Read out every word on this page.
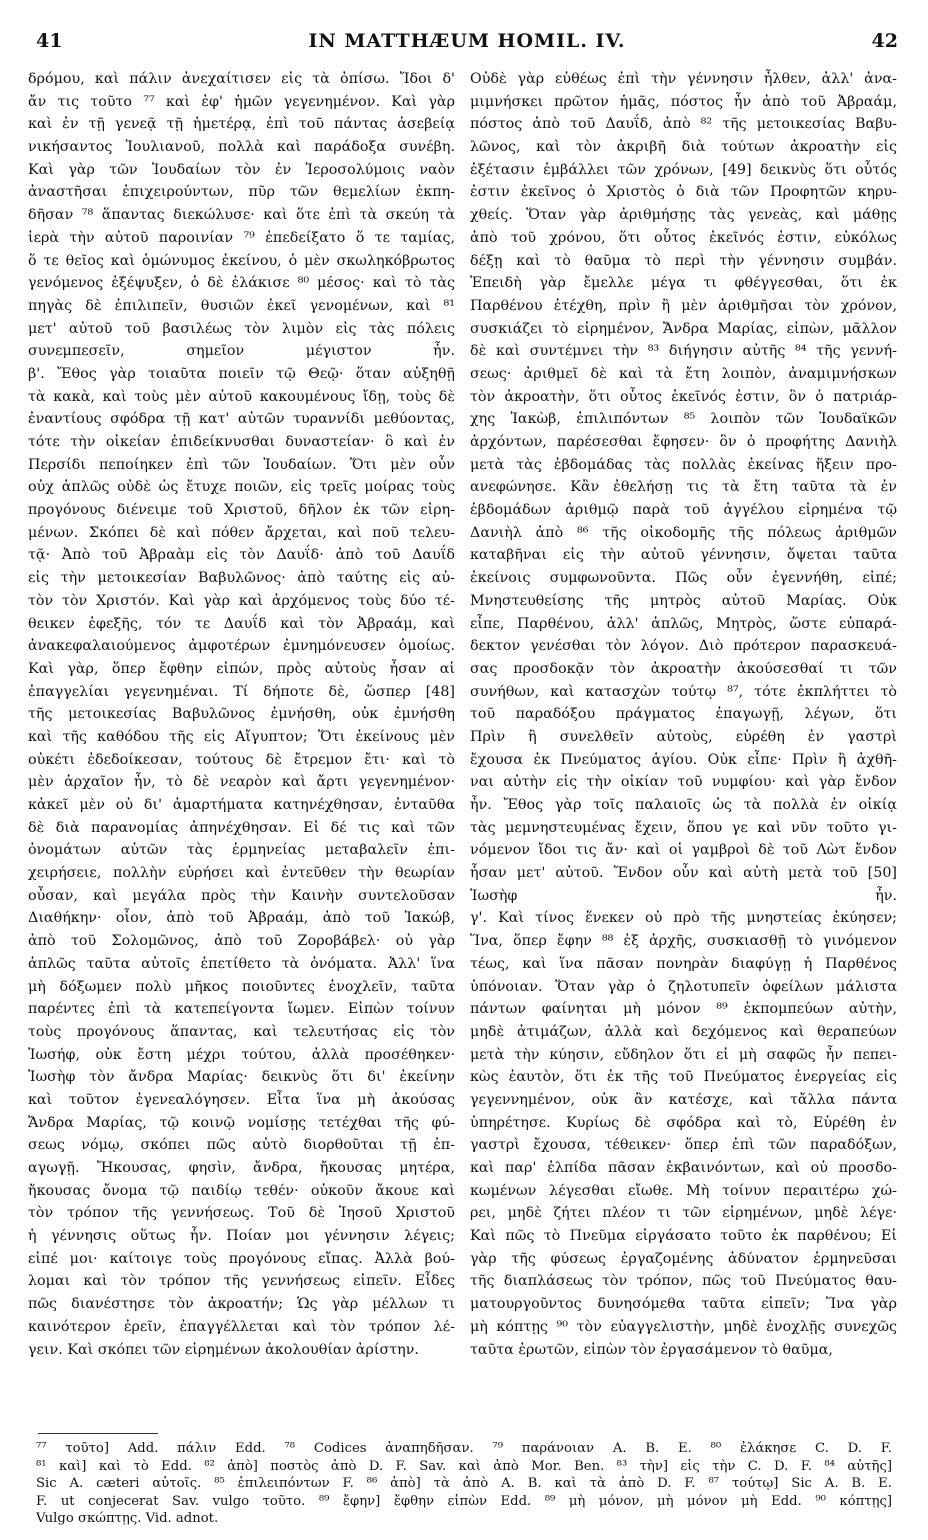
41	IN MATTHÆUM HOMIL. IV.	42
δρόμου, καὶ πάλιν ἀνεχαίτισεν εἰς τὰ ὀπίσω. Ἴδοι δ'
ἄν τις τοῦτο ⁷⁷ καὶ ἐφ' ἡμῶν γεγενημένον. Καὶ γὰρ
καὶ ἐν τῇ γενεᾷ τῇ ἡμετέρᾳ, ἐπὶ τοῦ πάντας ἀσεβείᾳ
νικήσαντος Ἰουλιανοῦ, πολλὰ καὶ παράδοξα συνέβη.
Καὶ γὰρ τῶν Ἰουδαίων τὸν ἐν Ἱεροσολύμοις ναὸν
ἀναστῆσαι ἐπιχειρούντων, πῦρ τῶν θεμελίων ἐκπη-
δῆσαν ⁷⁸ ἅπαντας διεκώλυσε· καὶ ὅτε ἐπὶ τὰ σκεύη τὰ
ἱερὰ τὴν αὐτοῦ παροινίαν ⁷⁹ ἐπεδείξατο ὅ τε ταμίας,
ὅ τε θεῖος καὶ ὁμώνυμος ἐκείνου, ὁ μὲν σκωληκόβρωτος
γενόμενος ἐξέψυξεν, ὁ δὲ ἐλάκισε ⁸⁰ μέσος· καὶ τὸ τὰς
πηγὰς δὲ ἐπιλιπεῖν, θυσιῶν ἐκεῖ γενομένων, καὶ ⁸¹
μετ' αὐτοῦ τοῦ βασιλέως τὸν λιμὸν εἰς τὰς πόλεις
συνεμπεσεῖν, σημεῖον μέγιστον ἦν.
β'. Ἔθος γὰρ τοιαῦτα ποιεῖν τῷ Θεῷ· ὅταν αὐξηθῇ
τὰ κακὰ, καὶ τοὺς μὲν αὐτοῦ κακουμένους ἴδῃ, τοὺς δὲ
ἐναντίους σφόδρα τῇ κατ' αὐτῶν τυραννίδι μεθύοντας,
τότε τὴν οἰκείαν ἐπιδείκνυσθαι δυναστείαν· ὃ καὶ ἐν
Περσίδι πεποίηκεν ἐπὶ τῶν Ἰουδαίων. Ὅτι μὲν οὖν
οὐχ ἁπλῶς οὐδὲ ὡς ἔτυχε ποιῶν, εἰς τρεῖς μοίρας τοὺς
προγόνους διένειμε τοῦ Χριστοῦ, δῆλον ἐκ τῶν εἰρη-
μένων. Σκόπει δὲ καὶ πόθεν ἄρχεται, καὶ ποῦ τελευ-
τᾷ· Ἀπὸ τοῦ Ἀβραὰμ εἰς τὸν Δαυΐδ· ἀπὸ τοῦ Δαυΐδ
εἰς τὴν μετοικεσίαν Βαβυλῶνος· ἀπὸ ταύτης εἰς αὐ-
τὸν τὸν Χριστόν. Καὶ γὰρ καὶ ἀρχόμενος τοὺς δύο τέ-
θεικεν ἐφεξῆς, τόν τε Δαυΐδ καὶ τὸν Ἀβραάμ, καὶ
ἀνακεφαλαιούμενος ἀμφοτέρων ἐμνημόνευσεν ὁμοίως.
Καὶ γὰρ, ὅπερ ἔφθην εἰπών, πρὸς αὐτοὺς ἦσαν αἱ
ἐπαγγελίαι γεγενημέναι. Τί δήποτε δὲ, ὥσπερ [48]
τῆς μετοικεσίας Βαβυλῶνος ἐμνήσθη, οὐκ ἐμνήσθη
καὶ τῆς καθόδου τῆς εἰς Αἴγυπτον; Ὅτι ἐκείνους μὲν
οὐκέτι ἐδεδοίκεσαν, τούτους δὲ ἔτρεμον ἔτι· καὶ τὸ
μὲν ἀρχαῖον ἦν, τὸ δὲ νεαρὸν καὶ ἄρτι γεγενημένον·
κἀκεῖ μὲν οὐ δι' ἁμαρτήματα κατηνέχθησαν, ἐνταῦθα
δὲ διὰ παρανομίας ἀπηνέχθησαν. Εἰ δέ τις καὶ τῶν
ὀνομάτων αὐτῶν τὰς ἑρμηνείας μεταβαλεῖν ἐπι-
χειρήσειε, πολλὴν εὑρήσει καὶ ἐντεῦθεν τὴν θεωρίαν
οὖσαν, καὶ μεγάλα πρὸς τὴν Καινὴν συντελοῦσαν
Διαθήκην· οἷον, ἀπὸ τοῦ Ἀβραάμ, ἀπὸ τοῦ Ἰακώβ,
ἀπὸ τοῦ Σολομῶνος, ἀπὸ τοῦ Ζοροβάβελ· οὐ γὰρ
ἁπλῶς ταῦτα αὐτοῖς ἐπετίθετο τὰ ὀνόματα. Ἀλλ' ἵνα
μὴ δόξωμεν πολὺ μῆκος ποιοῦντες ἐνοχλεῖν, ταῦτα
παρέντες ἐπὶ τὰ κατεπείγοντα ἴωμεν. Εἰπὼν τοίνυν
τοὺς προγόνους ἅπαντας, καὶ τελευτήσας εἰς τὸν
Ἰωσήφ, οὐκ ἔστη μέχρι τούτου, ἀλλὰ προσέθηκεν·
Ἰωσὴφ τὸν ἄνδρα Μαρίας· δεικνὺς ὅτι δι' ἐκείνην
καὶ τοῦτον ἐγενεαλόγησεν. Εἶτα ἵνα μὴ ἀκούσας
Ἄνδρα Μαρίας, τῷ κοινῷ νομίσῃς τετέχθαι τῆς φύ-
σεως νόμῳ, σκόπει πῶς αὐτὸ διορθοῦται τῇ ἐπ-
αγωγῇ. Ἤκουσας, φησὶν, ἄνδρα, ἤκουσας μητέρα,
ἤκουσας ὄνομα τῷ παιδίῳ τεθέν· οὐκοῦν ἄκουε καὶ
τὸν τρόπον τῆς γεννήσεως. Τοῦ δὲ Ἰησοῦ Χριστοῦ
ἡ γέννησις οὕτως ἦν. Ποίαν μοι γέννησιν λέγεις;
εἰπέ μοι· καίτοιγε τοὺς προγόνους εἴπας. Ἀλλὰ βού-
λομαι καὶ τὸν τρόπον τῆς γεννήσεως εἰπεῖν. Εἶδες
πῶς διανέστησε τὸν ἀκροατήν; Ὡς γὰρ μέλλων τι
καινότερον ἐρεῖν, ἐπαγγέλλεται καὶ τὸν τρόπον λέ-
γειν. Καὶ σκόπει τῶν εἰρημένων ἀκολουθίαν ἀρίστην.
Οὐδὲ γὰρ εὐθέως ἐπὶ τὴν γέννησιν ἦλθεν, ἀλλ' ἀνα-
μιμνήσκει πρῶτον ἡμᾶς, πόστος ἦν ἀπὸ τοῦ Ἀβραάμ,
πόστος ἀπὸ τοῦ Δαυΐδ, ἀπὸ ⁸² τῆς μετοικεσίας Βαβυ-
λῶνος, καὶ τὸν ἀκριβῆ διὰ τούτων ἀκροατὴν εἰς
ἐξέτασιν ἐμβάλλει τῶν χρόνων, [49] δεικνὺς ὅτι οὗτός
ἐστιν ἐκεῖνος ὁ Χριστὸς ὁ διὰ τῶν Προφητῶν κηρυ-
χθείς. Ὅταν γὰρ ἀριθμήσῃς τὰς γενεὰς, καὶ μάθῃς
ἀπὸ τοῦ χρόνου, ὅτι οὗτος ἐκεῖνός ἐστιν, εὐκόλως
δέξῃ καὶ τὸ θαῦμα τὸ περὶ τὴν γέννησιν συμβάν.
Ἐπειδὴ γὰρ ἔμελλε μέγα τι φθέγγεσθαι, ὅτι ἐκ
Παρθένου ἐτέχθη, πρὶν ἢ μὲν ἀριθμῆσαι τὸν χρόνον,
συσκιάζει τὸ εἰρημένον, Ἄνδρα Μαρίας, εἰπὼν, μᾶλλον
δὲ καὶ συντέμνει τὴν ⁸³ διήγησιν αὐτῆς ⁸⁴ τῆς γεννή-
σεως· ἀριθμεῖ δὲ καὶ τὰ ἔτη λοιπὸν, ἀναμιμνήσκων
τὸν ἀκροατὴν, ὅτι οὗτος ἐκεῖνός ἐστιν, ὃν ὁ πατριάρ-
χης Ἰακὼβ, ἐπιλιπόντων ⁸⁵ λοιπὸν τῶν Ἰουδαϊκῶν
ἀρχόντων, παρέσεσθαι ἔφησεν· ὃν ὁ προφήτης Δανιὴλ
μετὰ τὰς ἑβδομάδας τὰς πολλὰς ἐκείνας ἥξειν προ-
ανεφώνησε. Κἂν ἐθελήσῃ τις τὰ ἔτη ταῦτα τὰ ἐν
ἑβδομάδων ἀριθμῷ παρὰ τοῦ ἀγγέλου εἰρημένα τῷ
Δανιὴλ ἀπὸ ⁸⁶ τῆς οἰκοδομῆς τῆς πόλεως ἀριθμῶν
καταβῆναι εἰς τὴν αὐτοῦ γέννησιν, ὄψεται ταῦτα
ἐκείνοις συμφωνοῦντα. Πῶς οὖν ἐγεννήθη, εἰπέ;
Μνηστευθείσης τῆς μητρὸς αὐτοῦ Μαρίας. Οὐκ
εἶπε, Παρθένου, ἀλλ' ἁπλῶς, Μητρὸς, ὥστε εὐπαρά-
δεκτον γενέσθαι τὸν λόγον. Διὸ πρότερον παρασκευά-
σας προσδοκᾷν τὸν ἀκροατὴν ἀκούσεσθαί τι τῶν
συνήθων, καὶ κατασχὼν τούτῳ ⁸⁷, τότε ἐκπλήττει τὸ
τοῦ παραδόξου πράγματος ἐπαγωγῇ, λέγων, ὅτι
Πρὶν ἢ συνελθεῖν αὐτοὺς, εὑρέθη ἐν γαστρὶ
ἔχουσα ἐκ Πνεύματος ἁγίου. Οὐκ εἶπε· Πρὶν ἢ ἀχθῆ-
ναι αὐτὴν εἰς τὴν οἰκίαν τοῦ νυμφίου· καὶ γὰρ ἔνδον
ἦν. Ἔθος γὰρ τοῖς παλαιοῖς ὡς τὰ πολλὰ ἐν οἰκίᾳ
τὰς μεμνηστευμένας ἔχειν, ὅπου γε καὶ νῦν τοῦτο γι-
νόμενον ἴδοι τις ἄν· καὶ οἱ γαμβροὶ δὲ τοῦ Λὼτ ἔνδον
ἦσαν μετ' αὐτοῦ. Ἔνδον οὖν καὶ αὐτὴ μετὰ τοῦ [50]
Ἰωσὴφ ἦν.
γ'. Καὶ τίνος ἕνεκεν οὐ πρὸ τῆς μνηστείας ἐκύησεν;
Ἵνα, ὅπερ ἔφην ⁸⁸ ἐξ ἀρχῆς, συσκιασθῇ τὸ γινόμενον
τέως, καὶ ἵνα πᾶσαν πονηρὰν διαφύγῃ ἡ Παρθένος
ὑπόνοιαν. Ὅταν γὰρ ὁ ζηλοτυπεῖν ὀφείλων μάλιστα
πάντων φαίνηται μὴ μόνον ⁸⁹ ἐκπομπεύων αὐτὴν,
μηδὲ ἀτιμάζων, ἀλλὰ καὶ δεχόμενος καὶ θεραπεύων
μετὰ τὴν κύησιν, εὔδηλον ὅτι εἰ μὴ σαφῶς ἦν πεπει-
κὼς ἑαυτὸν, ὅτι ἐκ τῆς τοῦ Πνεύματος ἐνεργείας εἰς
γεγεννημένον, οὐκ ἂν κατέσχε, καὶ τἄλλα πάντα
ὑπηρέτησε. Κυρίως δὲ σφόδρα καὶ τὸ, Εὑρέθη ἐν
γαστρὶ ἔχουσα, τέθεικεν· ὅπερ ἐπὶ τῶν παραδόξων,
καὶ παρ' ἐλπίδα πᾶσαν ἐκβαινόντων, καὶ οὐ προσδο-
κωμένων λέγεσθαι εἴωθε. Μὴ τοίνυν περαιτέρω χώ-
ρει, μηδὲ ζήτει πλέον τι τῶν εἰρημένων, μηδὲ λέγε·
Καὶ πῶς τὸ Πνεῦμα εἰργάσατο τοῦτο ἐκ παρθένου; Εἰ
γὰρ τῆς φύσεως ἐργαζομένης ἀδύνατον ἑρμηνεῦσαι
τῆς διαπλάσεως τὸν τρόπον, πῶς τοῦ Πνεύματος θαυ-
ματουργοῦντος δυνησόμεθα ταῦτα εἰπεῖν; Ἵνα γὰρ
μὴ κόπτῃς ⁹⁰ τὸν εὐαγγελιστὴν, μηδὲ ἐνοχλῇς συνεχῶς
ταῦτα ἐρωτῶν, εἰπὼν τὸν ἐργασάμενον τὸ θαῦμα,
⁷⁷ τοῦτο] Add. πάλιν Edd. ⁷⁸ Codices ἀναπηδῆσαν. ⁷⁹ παράνοιαν A. B. E. ⁸⁰ ἐλάκησε C. D. F.
⁸¹ καὶ] καὶ τὸ Edd. ⁸² ἀπὸ] ποστὸς ἀπὸ D. F. Sav. καὶ ἀπὸ Mor. Ben. ⁸³ τὴν] εἰς τὴν C. D. F. ⁸⁴ αὐτῆς]
Sic A. cæteri αὐτοῖς. ⁸⁵ ἐπιλειπόντων F. ⁸⁶ ἀπὸ] τὰ ἀπὸ A. B. καὶ τὰ ἀπὸ D. F. ⁸⁷ τούτῳ] Sic A. B. E.
F. ut conjecerat Sav. vulgo τοῦτο. ⁸⁹ ἔφην] ἔφθην εἰπὼν Edd. ⁸⁹ μὴ μόνον, μὴ μόνον μὴ Edd. ⁹⁰ κόπτῃς]
Vulgo σκώπτῃς. Vid. adnot.
